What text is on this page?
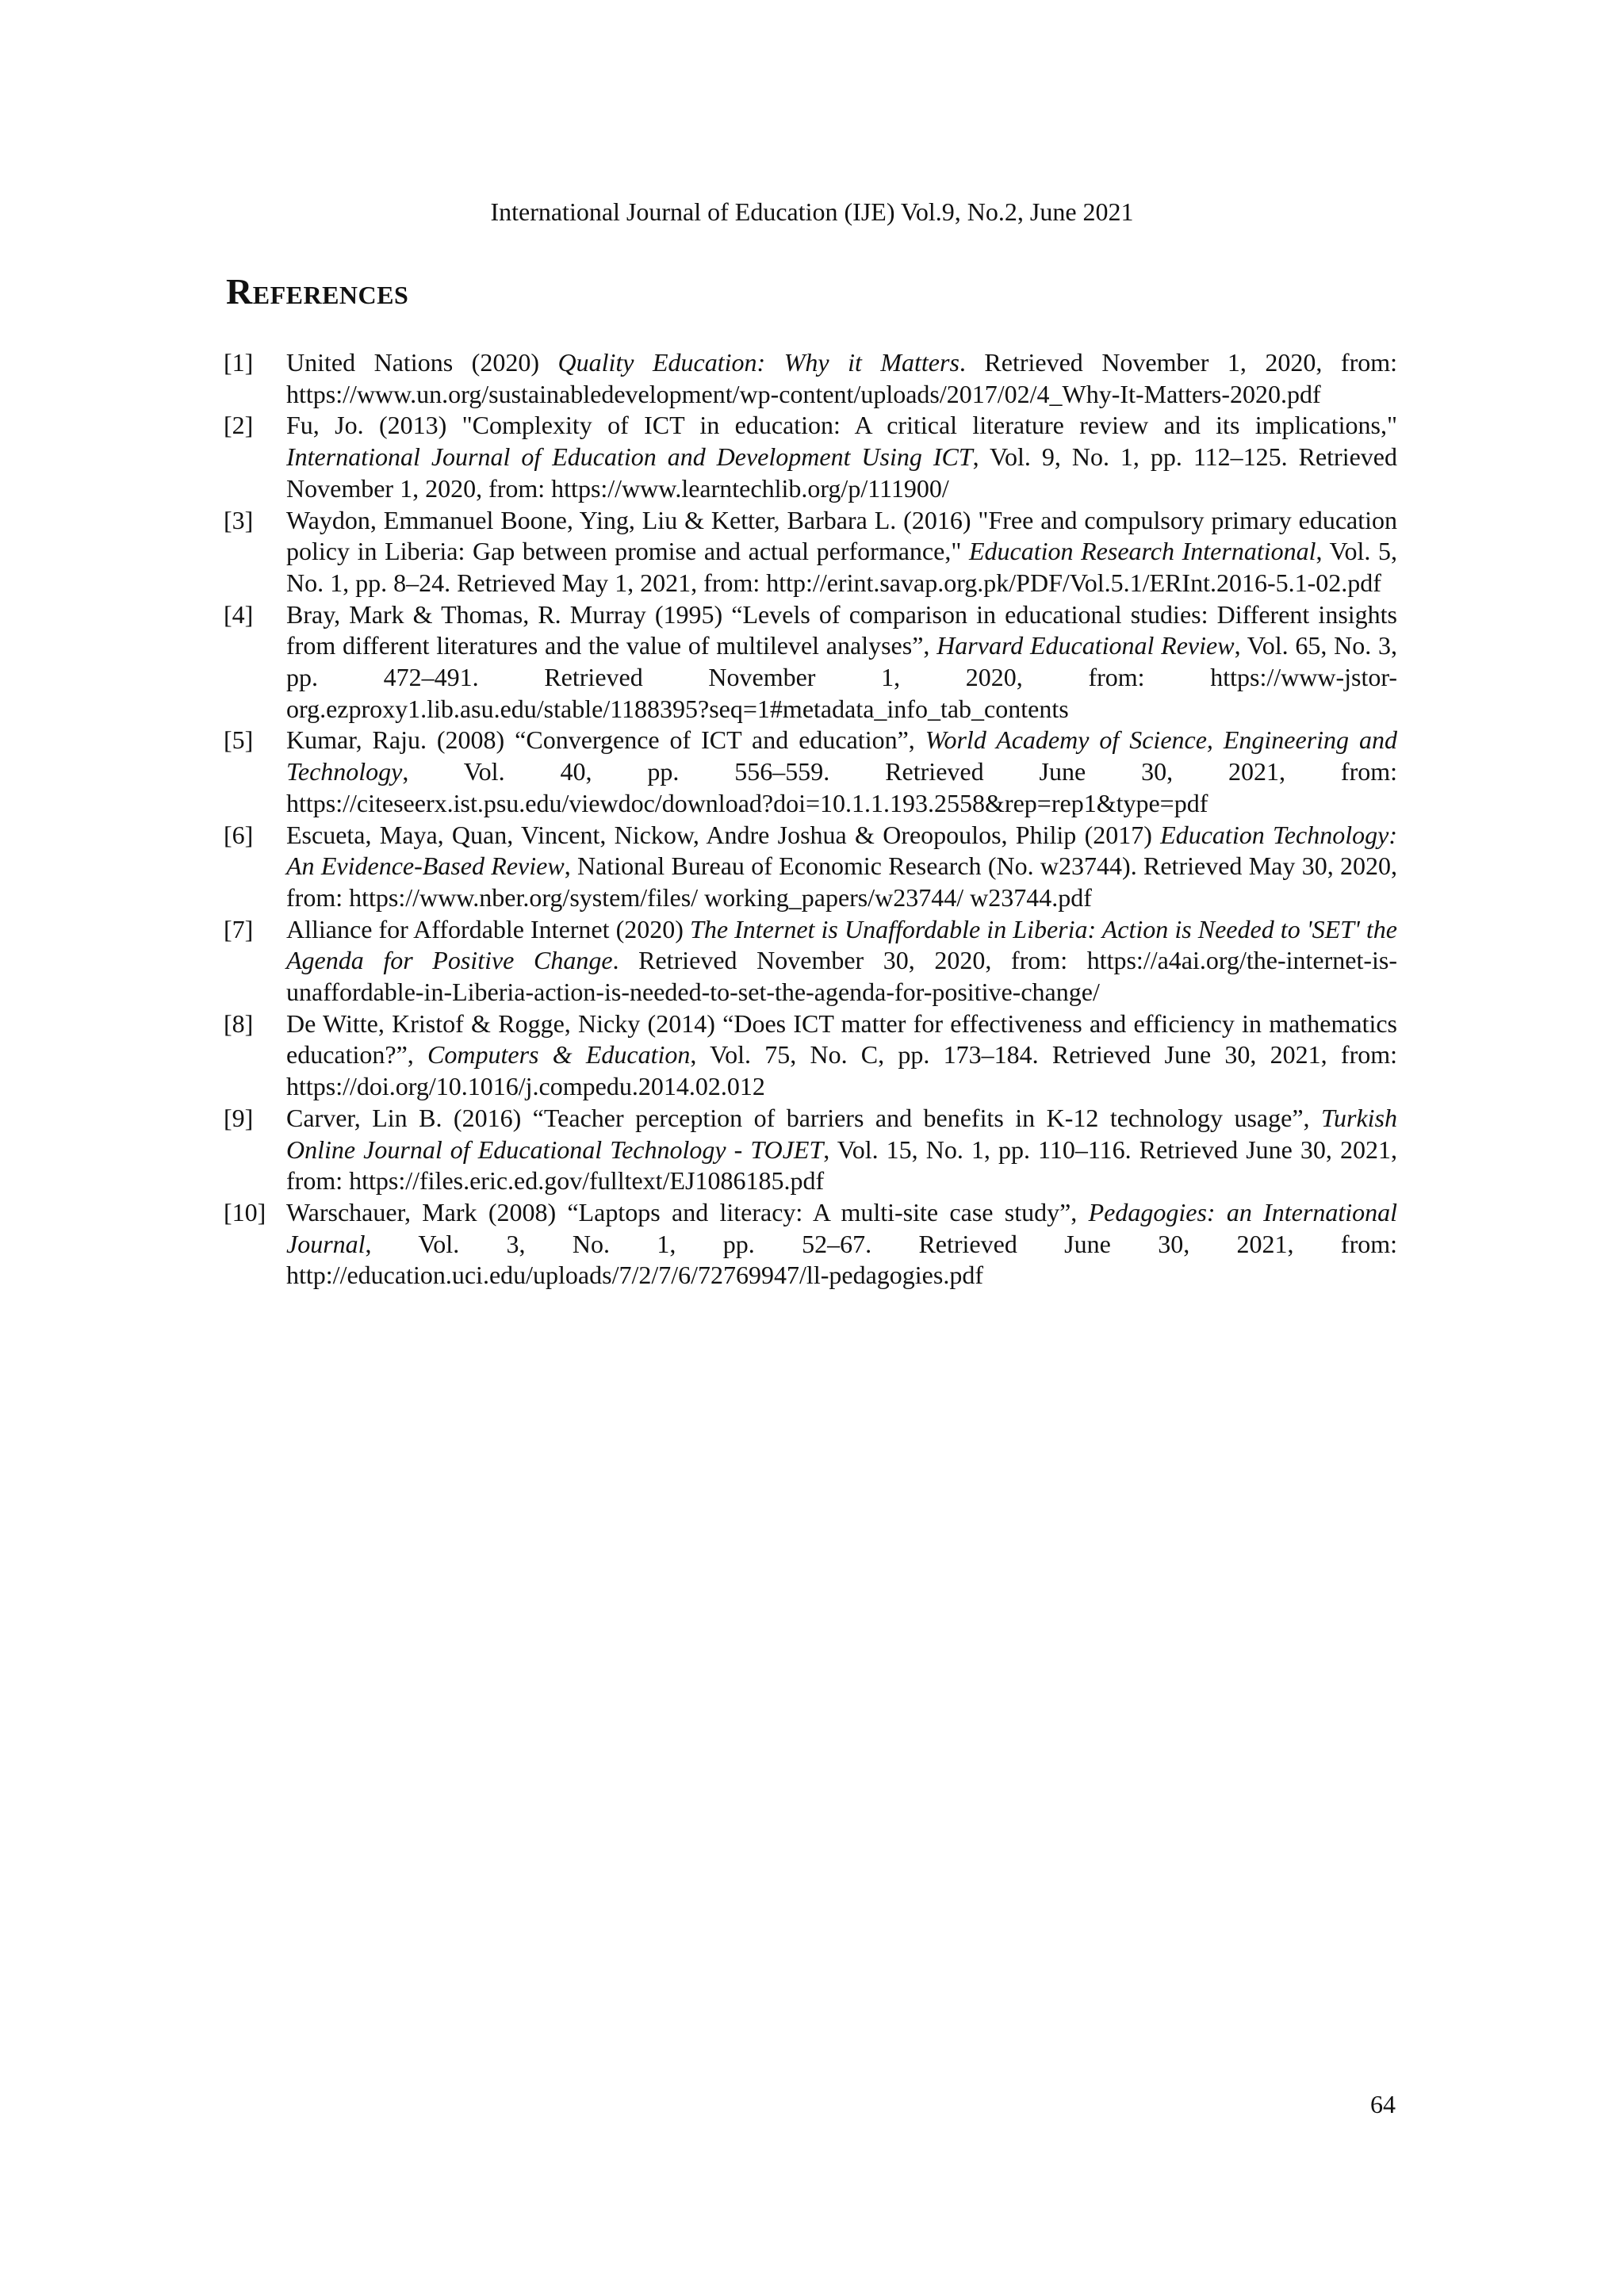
International Journal of Education (IJE) Vol.9, No.2, June 2021
References
[1]	United Nations (2020) Quality Education: Why it Matters. Retrieved November 1, 2020, from: https://www.un.org/sustainabledevelopment/wp-content/uploads/2017/02/4_Why-It-Matters-2020.pdf
[2]	Fu, Jo. (2013) "Complexity of ICT in education: A critical literature review and its implications," International Journal of Education and Development Using ICT, Vol. 9, No. 1, pp. 112–125. Retrieved November 1, 2020, from: https://www.learntechlib.org/p/111900/
[3]	Waydon, Emmanuel Boone, Ying, Liu & Ketter, Barbara L. (2016) "Free and compulsory primary education policy in Liberia: Gap between promise and actual performance," Education Research International, Vol. 5, No. 1, pp. 8–24. Retrieved May 1, 2021, from: http://erint.savap.org.pk/PDF/Vol.5.1/ERInt.2016-5.1-02.pdf
[4]	Bray, Mark & Thomas, R. Murray (1995) “Levels of comparison in educational studies: Different insights from different literatures and the value of multilevel analyses”, Harvard Educational Review, Vol. 65, No. 3, pp. 472–491. Retrieved November 1, 2020, from: https://www-jstor-org.ezproxy1.lib.asu.edu/stable/1188395?seq=1#metadata_info_tab_contents
[5]	Kumar, Raju. (2008) “Convergence of ICT and education”, World Academy of Science, Engineering and Technology, Vol. 40, pp. 556–559. Retrieved June 30, 2021, from: https://citeseerx.ist.psu.edu/viewdoc/download?doi=10.1.1.193.2558&rep=rep1&type=pdf
[6]	Escueta, Maya, Quan, Vincent, Nickow, Andre Joshua & Oreopoulos, Philip (2017) Education Technology: An Evidence-Based Review, National Bureau of Economic Research (No. w23744). Retrieved May 30, 2020, from: https://www.nber.org/system/files/ working_papers/w23744/ w23744.pdf
[7]	Alliance for Affordable Internet (2020) The Internet is Unaffordable in Liberia: Action is Needed to 'SET' the Agenda for Positive Change. Retrieved November 30, 2020, from: https://a4ai.org/the-internet-is-unaffordable-in-Liberia-action-is-needed-to-set-the-agenda-for-positive-change/
[8]	De Witte, Kristof & Rogge, Nicky (2014) “Does ICT matter for effectiveness and efficiency in mathematics education?”, Computers & Education, Vol. 75, No. C, pp. 173–184. Retrieved June 30, 2021, from: https://doi.org/10.1016/j.compedu.2014.02.012
[9]	Carver, Lin B. (2016) “Teacher perception of barriers and benefits in K-12 technology usage”, Turkish Online Journal of Educational Technology - TOJET, Vol. 15, No. 1, pp. 110–116. Retrieved June 30, 2021, from: https://files.eric.ed.gov/fulltext/EJ1086185.pdf
[10] Warschauer, Mark (2008) “Laptops and literacy: A multi-site case study”, Pedagogies: an International Journal, Vol. 3, No. 1, pp. 52–67. Retrieved June 30, 2021, from: http://education.uci.edu/uploads/7/2/7/6/72769947/ll-pedagogies.pdf
64
